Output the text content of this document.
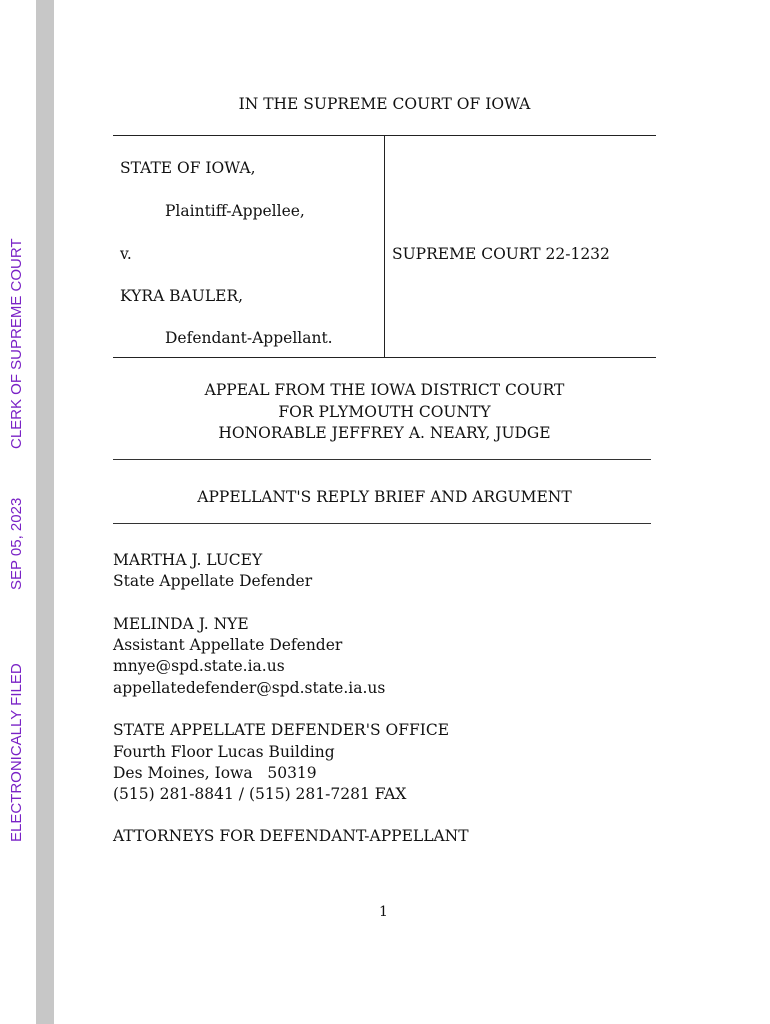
ELECTRONICALLY FILED
SEP 05, 2023
CLERK OF SUPREME COURT
IN THE SUPREME COURT OF IOWA
STATE OF IOWA,
Plaintiff-Appellee,
v.	SUPREME COURT 22-1232
KYRA BAULER,
Defendant-Appellant.
APPEAL FROM THE IOWA DISTRICT COURT
FOR PLYMOUTH COUNTY
HONORABLE JEFFREY A. NEARY, JUDGE
APPELLANT'S REPLY BRIEF AND ARGUMENT
MARTHA J. LUCEY
State Appellate Defender
MELINDA J. NYE
Assistant Appellate Defender
mnye@spd.state.ia.us
appellatedefender@spd.state.ia.us
STATE APPELLATE DEFENDER'S OFFICE
Fourth Floor Lucas Building
Des Moines, Iowa   50319
(515) 281-8841 / (515) 281-7281 FAX
ATTORNEYS FOR DEFENDANT-APPELLANT
1
